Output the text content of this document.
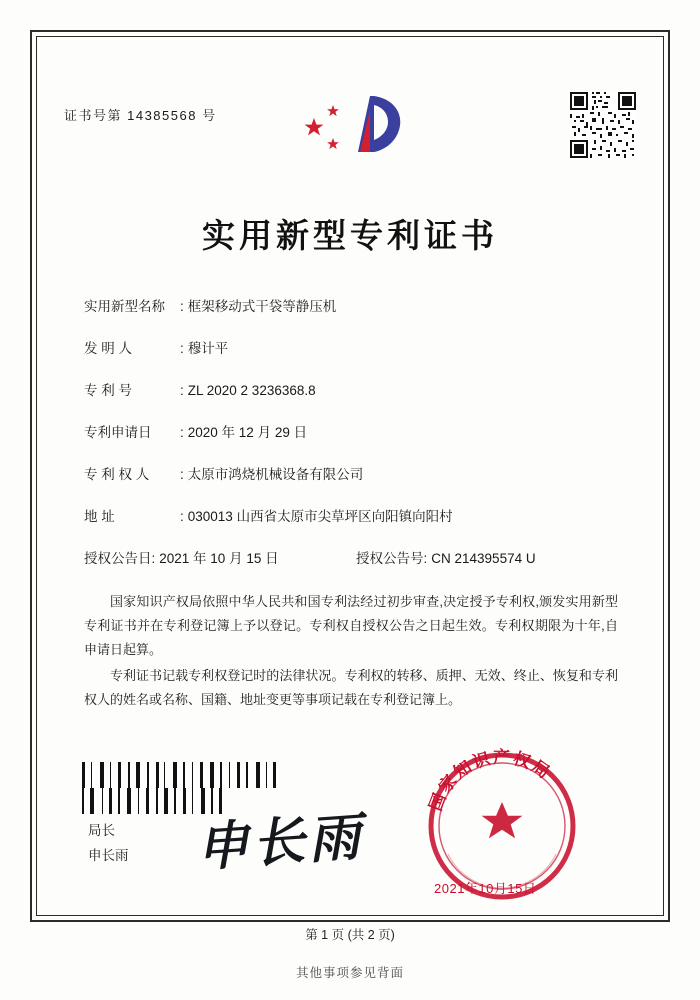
证书号第 14385568 号
实用新型专利证书
实用新型名称	: 框架移动式干袋等静压机
发 明 人	: 穆计平
专 利 号	: ZL 2020 2 3236368.8
专利申请日	: 2020 年 12 月 29 日
专 利 权 人	: 太原市鸿烧机械设备有限公司
地 址	: 030013 山西省太原市尖草坪区向阳镇向阳村
授权公告日: 2021 年 10 月 15 日	授权公告号: CN 214395574 U

国家知识产权局依照中华人民共和国专利法经过初步审查,决定授予专利权,颁发实用新型专利证书并在专利登记簿上予以登记。专利权自授权公告之日起生效。专利权期限为十年,自申请日起算。

专利证书记载专利权登记时的法律状况。专利权的转移、质押、无效、终止、恢复和专利权人的姓名或名称、国籍、地址变更等事项记载在专利登记簿上。

局长
申长雨 申长雨
国家知识产权局
2021年10月15日
第 1 页 (共 2 页)
其他事项参见背面
